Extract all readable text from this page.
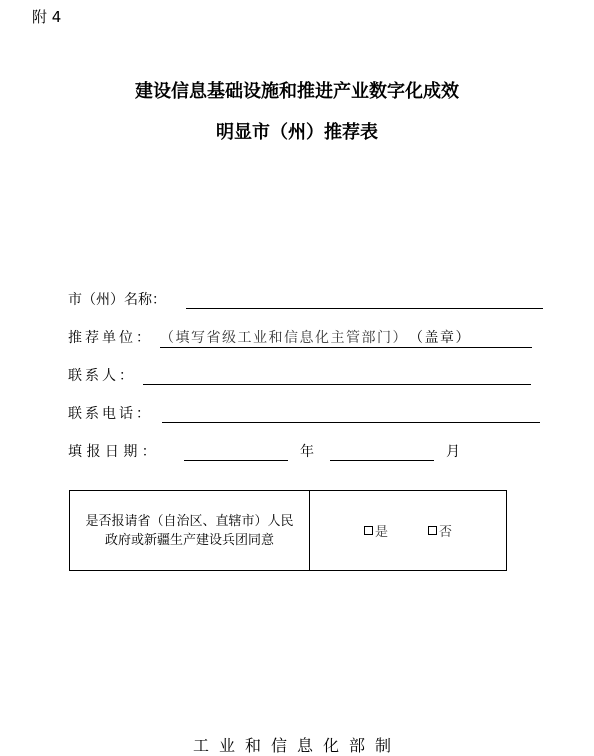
附 4
建设信息基础设施和推进产业数字化成效
明显市（州）推荐表
市（州）名称：
推荐单位： （填写省级工业和信息化主管部门） （盖章）
联系人：
联系电话：
填 报 日 期 ：	年	月
是否报请省（自治区、直辖市）人民
政府或新疆生产建设兵团同意	是	否
工业和信息化部制
